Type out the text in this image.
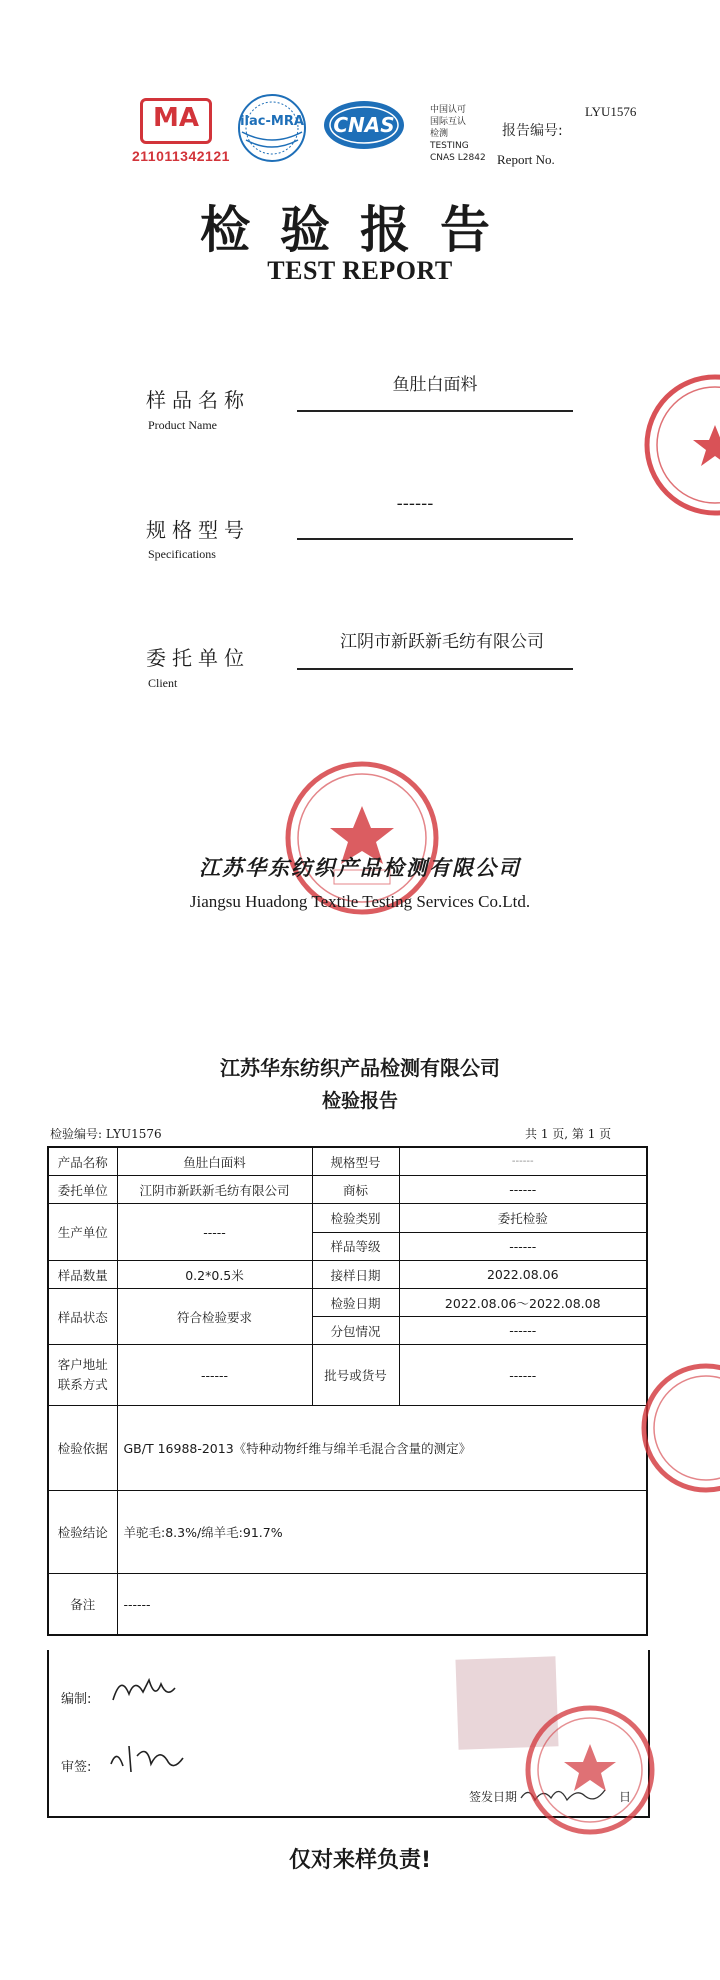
MA
211011342121
ilac-MRA CNAS
中国认可
国际互认
检测
TESTING
CNAS L2842
报告编号:
Report No.
LYU1576
检验报告
TEST REPORT
样品名称
Product Name
鱼肚白面料
规格型号
Specifications
------
委托单位
Client
江阴市新跃新毛纺有限公司
江苏华东纺织产品检测有限公司
Jiangsu Huadong Textile Testing Services Co.Ltd.
江苏华东纺织产品检测有限公司
检验报告
检验编号: LYU1576	共 1 页, 第 1 页
产品名称	鱼肚白面料	规格型号	------
委托单位	江阴市新跃新毛纺有限公司	商标	------
生产单位	-----	检验类别	委托检验
		样品等级	------
样品数量	0.2*0.5米	接样日期	2022.08.06
样品状态	符合检验要求	检验日期	2022.08.06～2022.08.08
		分包情况	------

客户地址
联系方式	------	批号或货号	------
检验依据	GB/T 16988-2013《特种动物纤维与绵羊毛混合含量的测定》		
检验结论	羊驼毛:8.3%/绵羊毛:91.7%		
备注	------		
编制:
审签:
签发日期	日
仅对来样负责!
